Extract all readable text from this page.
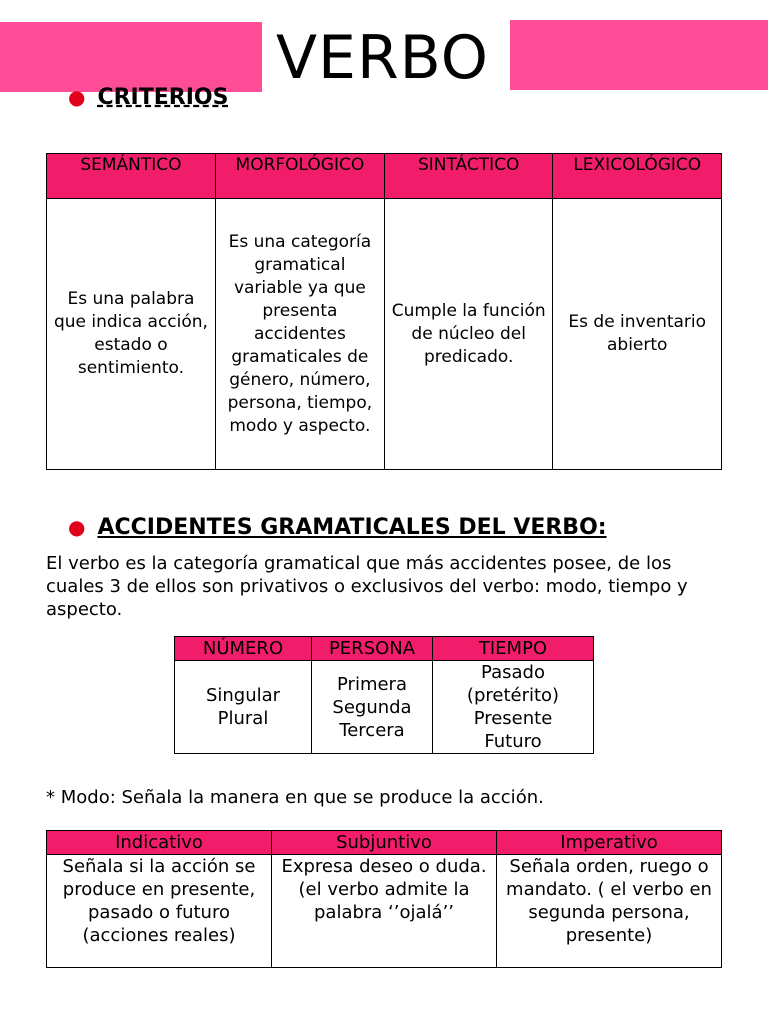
VERBO
● CRITERIOS
SEMÁNTICO	MORFOLÓGICO	SINTÁCTICO	LEXICOLÓGICO
Es una palabra que indica acción, estado o sentimiento.	Es una categoría gramatical variable ya que presenta accidentes gramaticales de género, número, persona, tiempo, modo y aspecto.	Cumple la función de núcleo del predicado.	Es de inventario abierto
● ACCIDENTES GRAMATICALES DEL VERBO:
El verbo es la categoría gramatical que más accidentes posee, de los cuales 3 de ellos son privativos o exclusivos del verbo: modo, tiempo y aspecto.
NÚMERO	PERSONA	TIEMPO
Singular Plural	Primera Segunda Tercera	Pasado (pretérito) Presente Futuro
* Modo: Señala la manera en que se produce la acción.
Indicativo	Subjuntivo	Imperativo
Señala si la acción se produce en presente, pasado o futuro (acciones reales)	Expresa deseo o duda. (el verbo admite la palabra ‘’ojalá’’	Señala orden, ruego o mandato. ( el verbo en segunda persona, presente)
